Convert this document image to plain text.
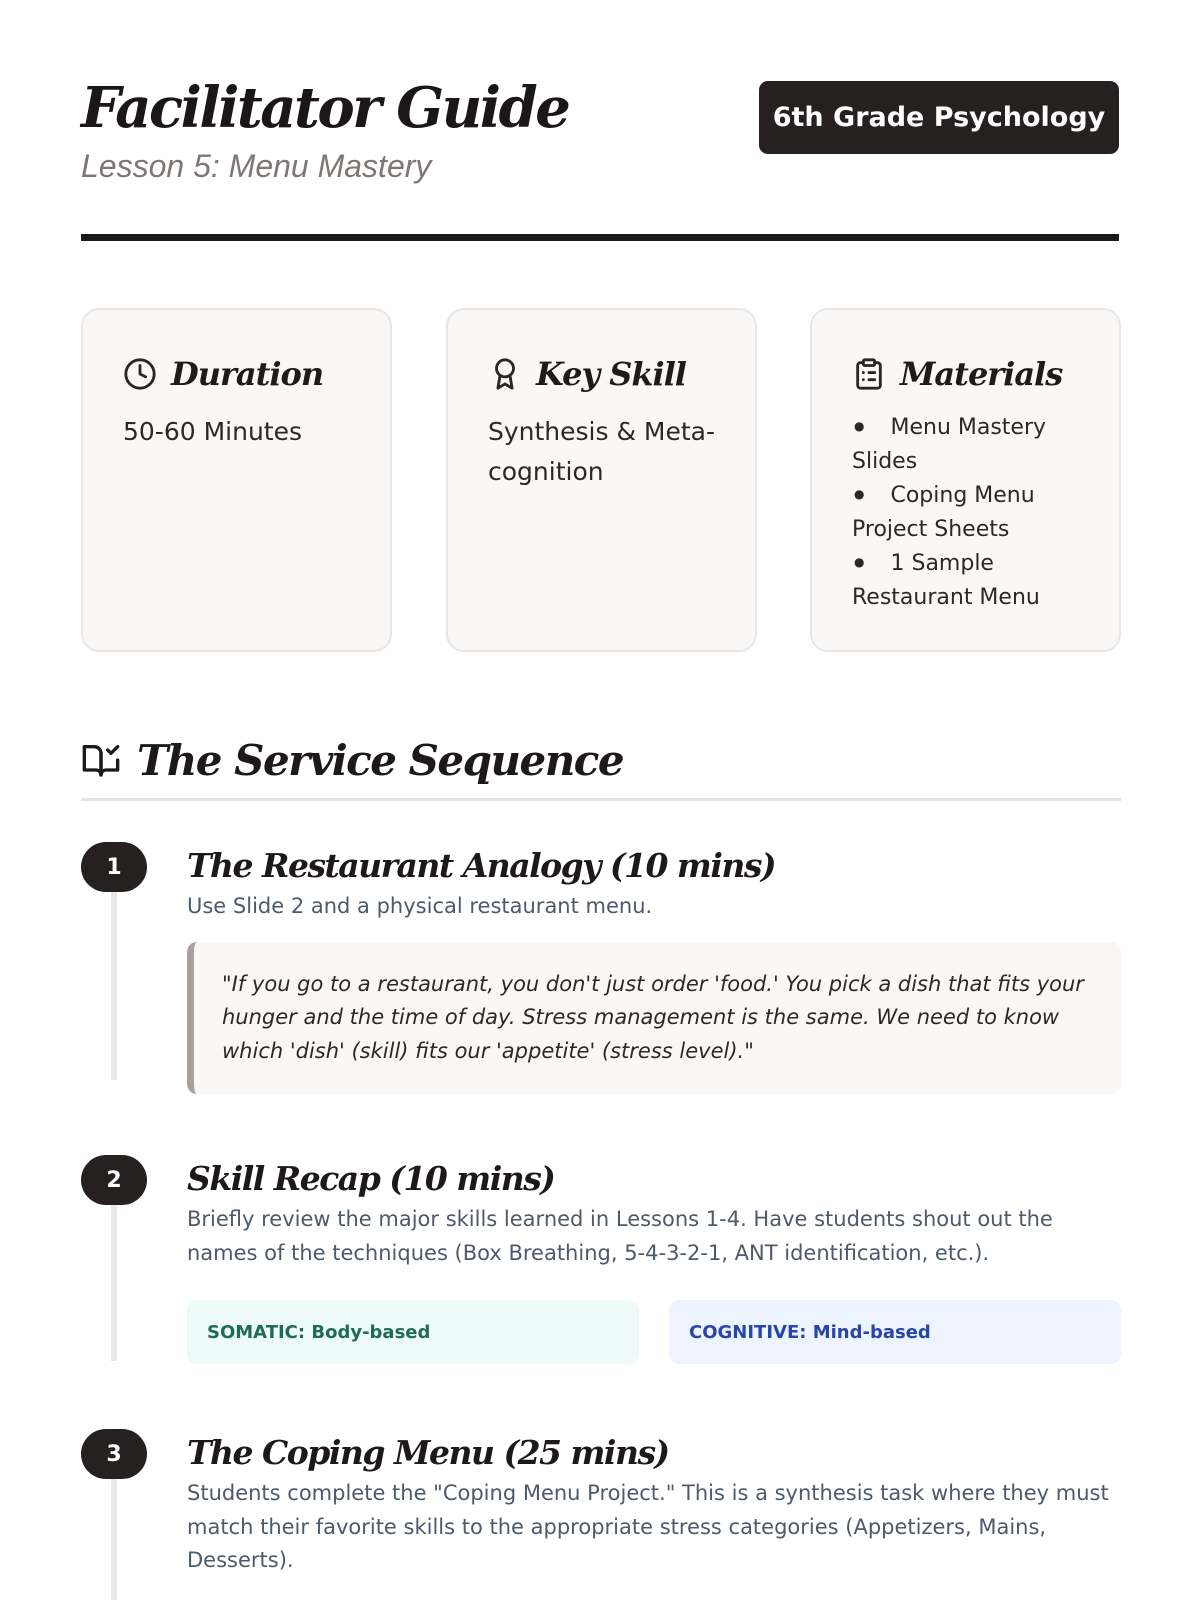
Facilitator Guide
Lesson 5: Menu Mastery
6th Grade Psychology
Duration
50-60 Minutes
Key Skill
Synthesis & Meta-cognition
Materials
● Menu Mastery Slides
● Coping Menu Project Sheets
● 1 Sample Restaurant Menu
The Service Sequence
1	The Restaurant Analogy (10 mins)

Use Slide 2 and a physical restaurant menu.

"If you go to a restaurant, you don't just order 'food.' You pick a dish that fits your hunger and the time of day. Stress management is the same. We need to know which 'dish' (skill) fits our 'appetite' (stress level)."
2	Skill Recap (10 mins)

Briefly review the major skills learned in Lessons 1-4. Have students shout out the names of the techniques (Box Breathing, 5-4-3-2-1, ANT identification, etc.).

SOMATIC: Body-based	COGNITIVE: Mind-based
3	The Coping Menu (25 mins)

Students complete the "Coping Menu Project." This is a synthesis task where they must match their favorite skills to the appropriate stress categories (Appetizers, Mains, Desserts).
